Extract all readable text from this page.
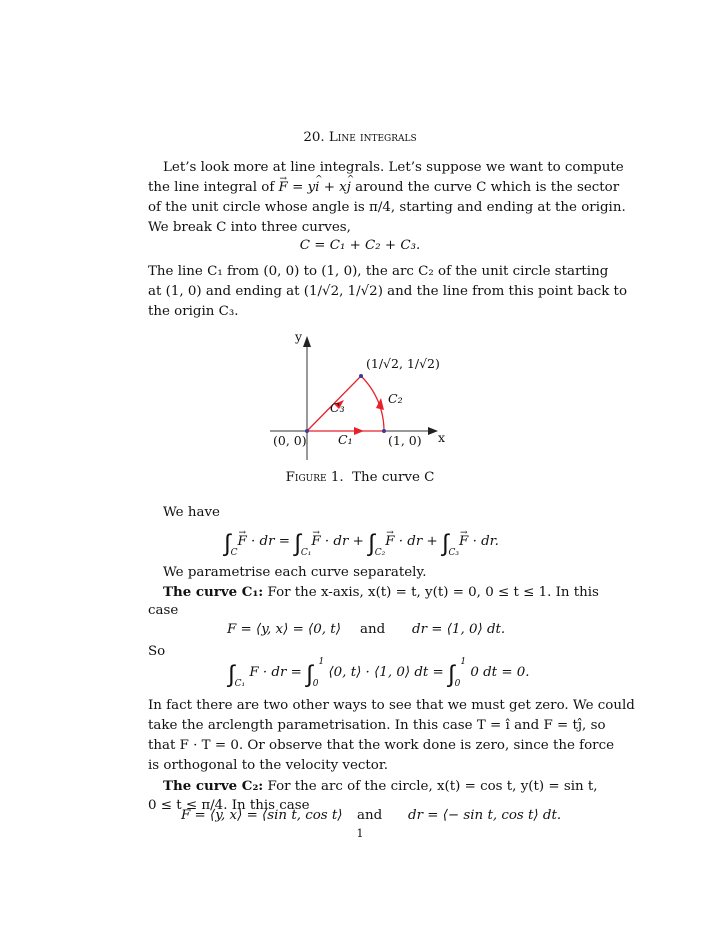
20. Line integrals
Let’s look more at line integrals. Let’s suppose we want to compute
the line integral of → F = y^ i + x^ j around the curve C which is the sector
of the unit circle whose angle is π/4, starting and ending at the origin.
We break C into three curves,
C = C₁ + C₂ + C₃.
The line C₁ from (0, 0) to (1, 0), the arc C₂ of the unit circle starting
at (1, 0) and ending at (1/√2, 1/√2) and the line from this point back to
the origin C₃.
y
x
(1/√2, 1/√2)
(0, 0)	(1, 0)
C₁
C₂
C₃
Figure 1. The curve C
We have
$\int_C\to F$ · dr = $\int_{C_1}\to F$ · dr + $\int_{C_2}\to F$ · dr + $\int_{C_3}\to F$ · dr.
We parametrise each curve separately.
The curve C₁: For the x-axis, x(t) = t, y(t) = 0, 0 ≤ t ≤ 1. In this
case
F = ⟨y, x⟩ = ⟨0, t⟩ and dr = ⟨1, 0⟩ dt.
So
$\int_{C_1}$ F · dr = $\int_0^1$ ⟨0, t⟩ · ⟨1, 0⟩ dt = $\int_0^1$ 0 dt = 0.
In fact there are two other ways to see that we must get zero. We could
take the arclength parametrisation. In this case T = î and F = tĵ, so
that F · T = 0. Or observe that the work done is zero, since the force
is orthogonal to the velocity vector.
The curve C₂: For the arc of the circle, x(t) = cos t, y(t) = sin t,
0 ≤ t ≤ π/4. In this case
F = ⟨y, x⟩ = ⟨sin t, cos t⟩ and dr = ⟨− sin t, cos t⟩ dt.
1
